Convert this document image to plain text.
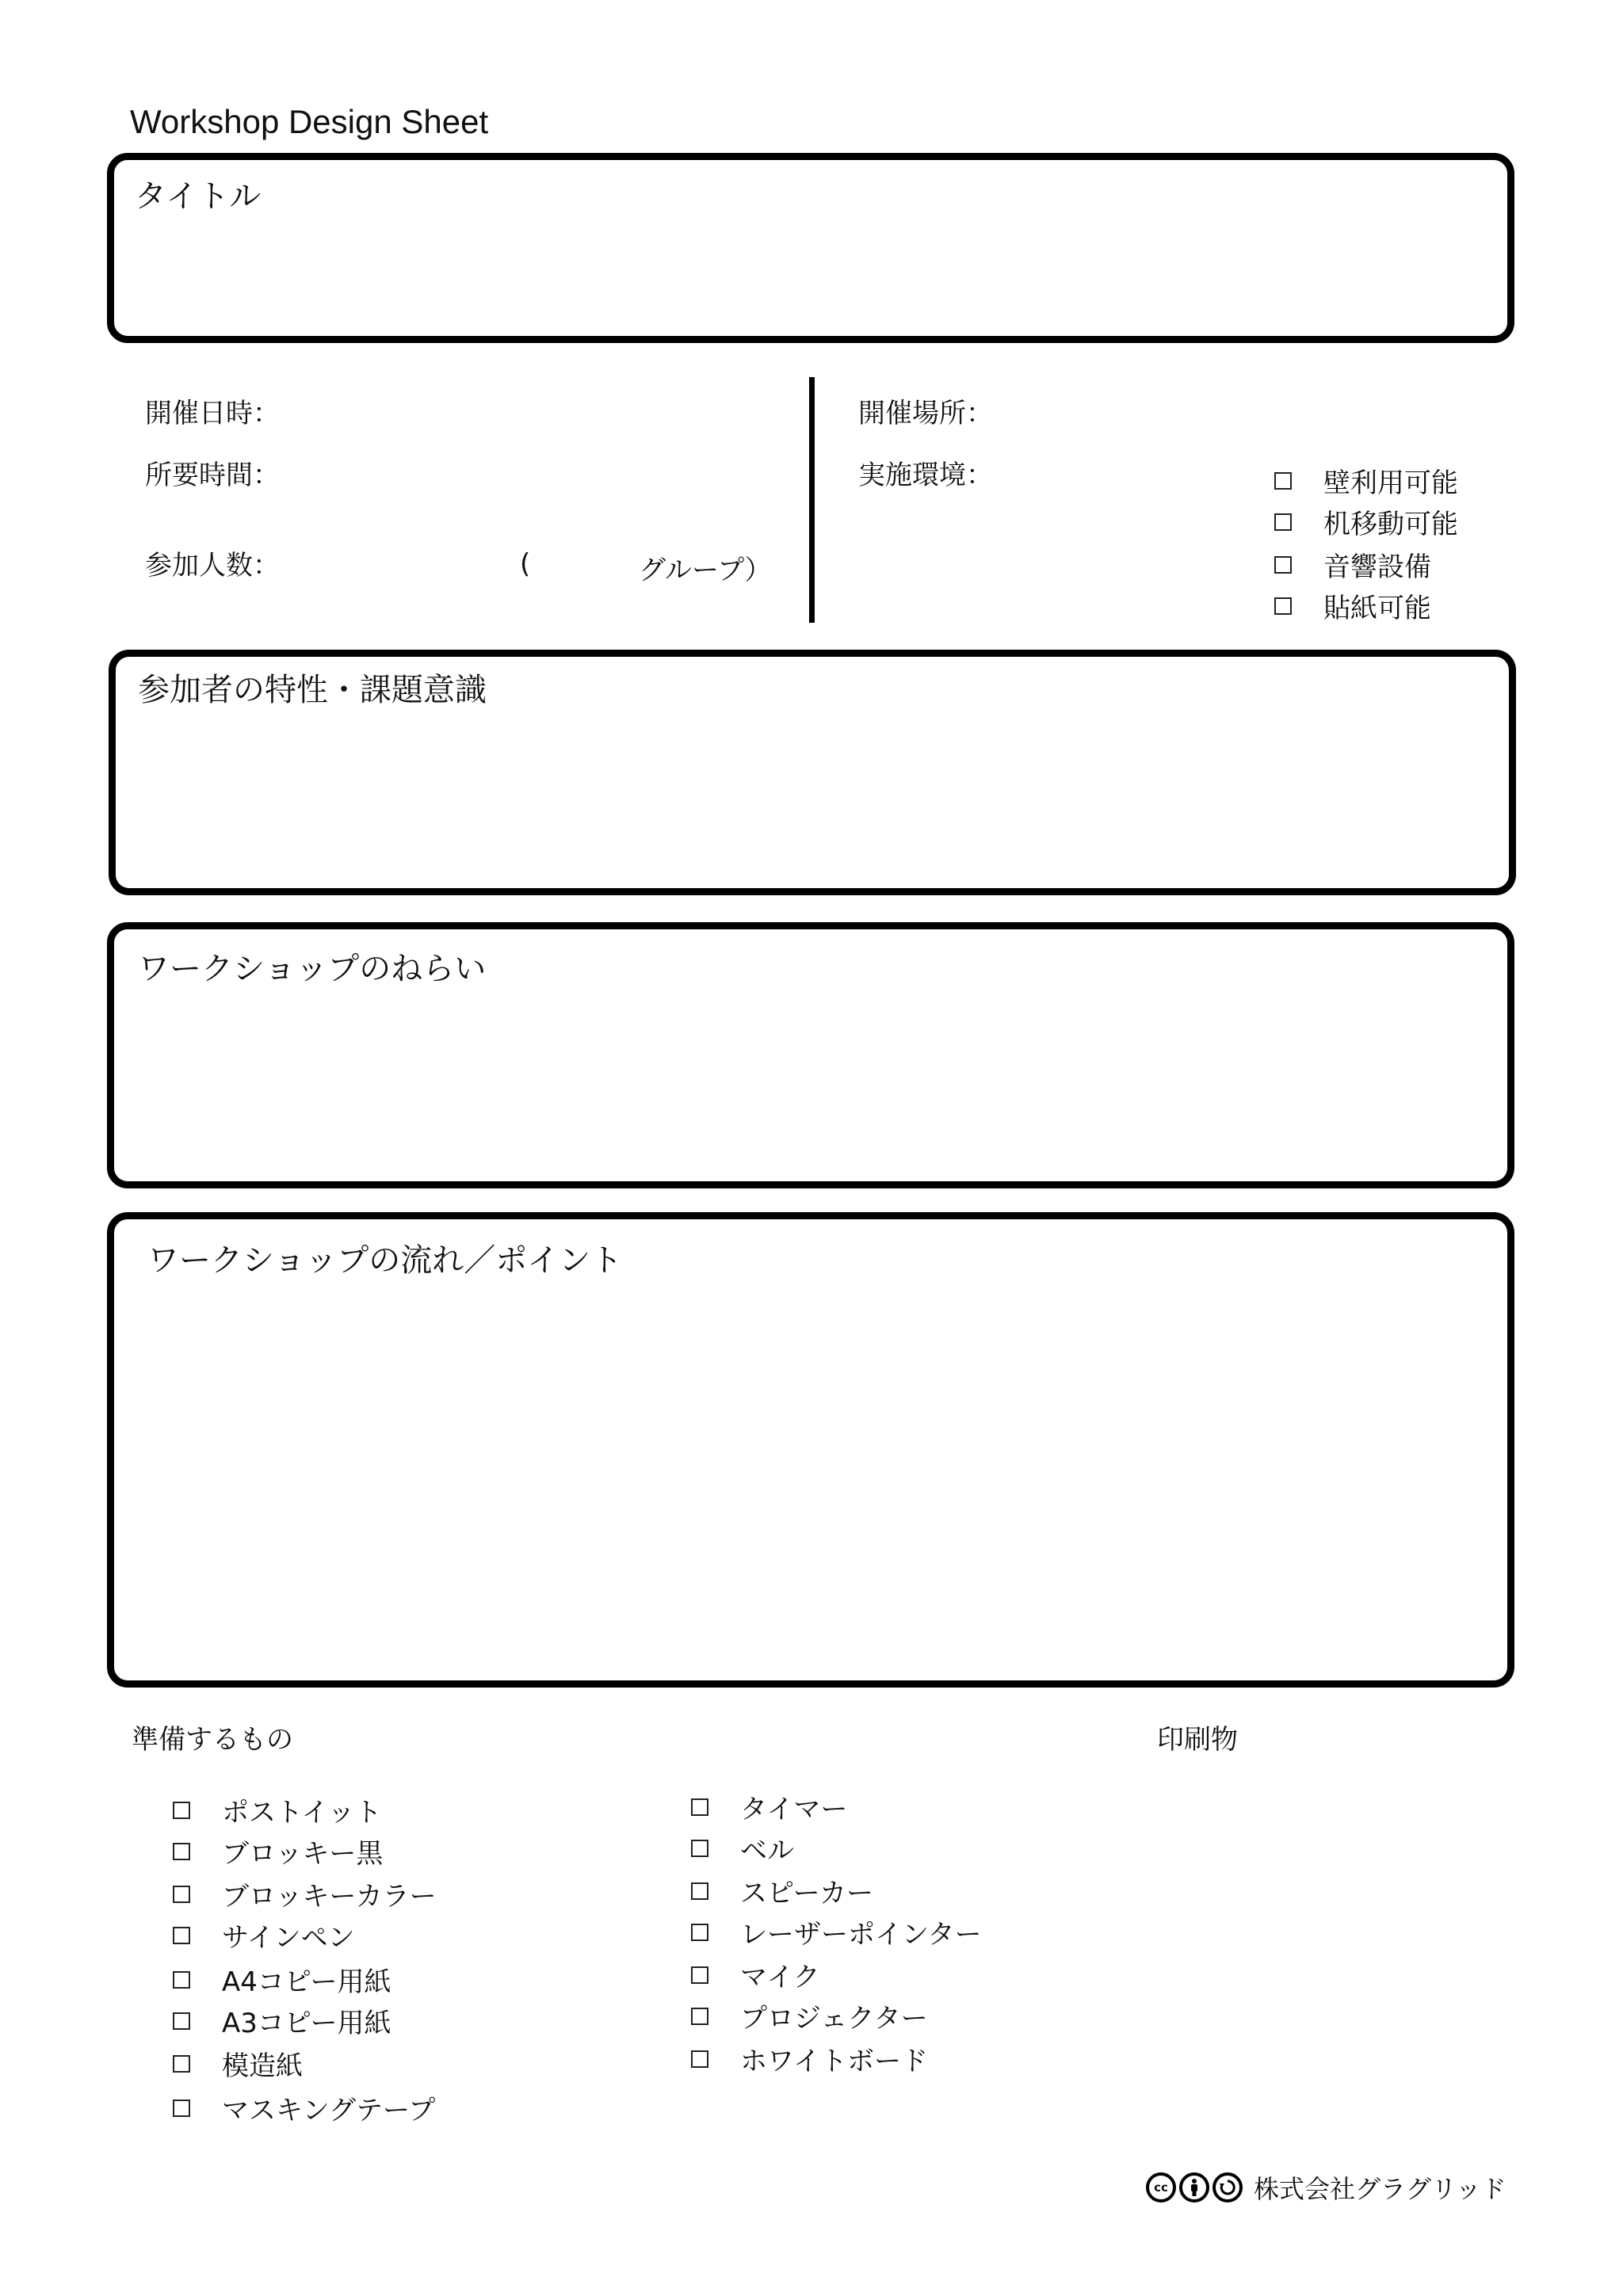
Workshop Design Sheet
タイトル
開催日時：
所要時間：
参加人数：	(	グループ）
開催場所：
実施環境：	壁利用可能
机移動可能
音響設備
貼紙可能
参加者の特性・課題意識
ワークショップのねらい
ワークショップの流れ／ポイント
準備するもの	印刷物
ポストイット
ブロッキー黒
ブロッキーカラー
サインペン
A4コピー用紙
A3コピー用紙
模造紙
マスキングテープ
タイマー
ベル
スピーカー
レーザーポインター
マイク
プロジェクター
ホワイトボード
cc	株式会社グラグリッド
